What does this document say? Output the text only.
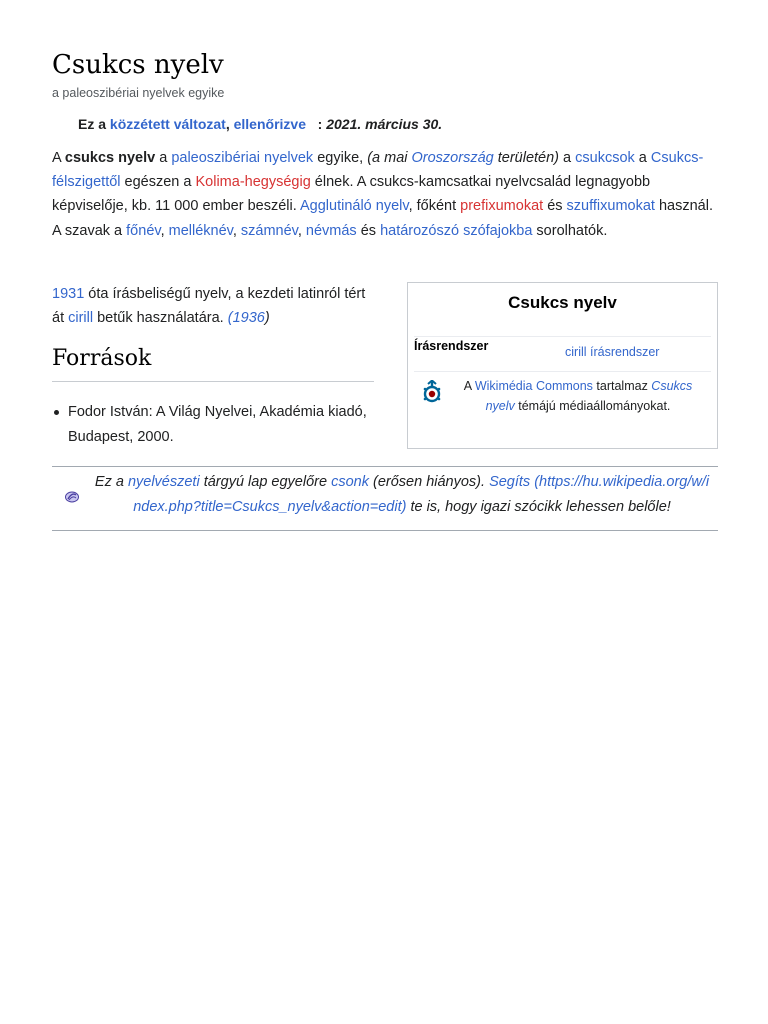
Csukcs nyelv
a paleoszibériai nyelvek egyike
Ez a közzétett változat, ellenőrizve : 2021. március 30.
A csukcs nyelv a paleoszibériai nyelvek egyike, (a mai Oroszország területén) a csukcsok a Csukcs-félszigettől egészen a Kolima-hegységig élnek. A csukcs-kamcsatkai nyelvcsalád legnagyobb képviselője, kb. 11 000 ember beszéli. Agglutináló nyelv, főként prefixumokat és szuffixumokat használ. A szavak a főnév, melléknév, számnév, névmás és határozószó szófajokba sorolhatók.
1931 óta írásbeliségű nyelv, a kezdeti latinról tért át cirill betűk használatára. (1936)
Források
Fodor István: A Világ Nyelvei, Akadémia kiadó, Budapest, 2000.
Csukcs nyelv
Írásrendszer	cirill írásrendszer
A Wikimédia Commons tartalmaz Csukcs nyelv témájú médiaállományokat.
Ez a nyelvészeti tárgyú lap egyelőre csonk (erősen hiányos). Segíts (https://hu.wikipedia.org/w/index.php?title=Csukcs_nyelv&action=edit) te is, hogy igazi szócikk lehessen belőle!
